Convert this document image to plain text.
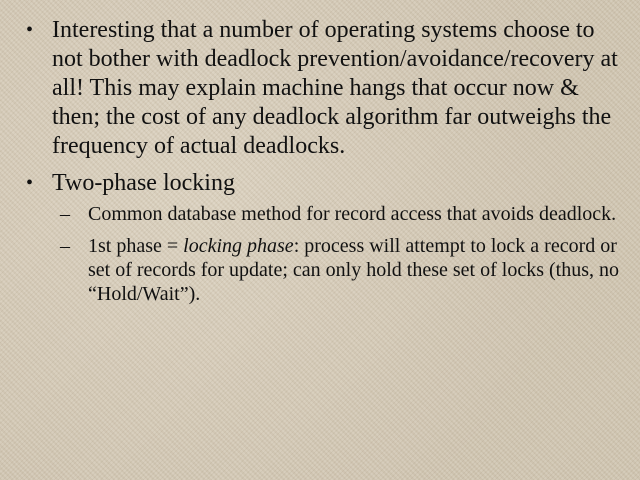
• Interesting that a number of operating systems choose to not bother with deadlock prevention/avoidance/recovery at all! This may explain machine hangs that occur now & then; the cost of any deadlock algorithm far outweighs the frequency of actual deadlocks.
• Two-phase locking
– Common database method for record access that avoids deadlock.
– 1st phase = locking phase: process will attempt to lock a record or set of records for update; can only hold these set of locks (thus, no “Hold/Wait”).
